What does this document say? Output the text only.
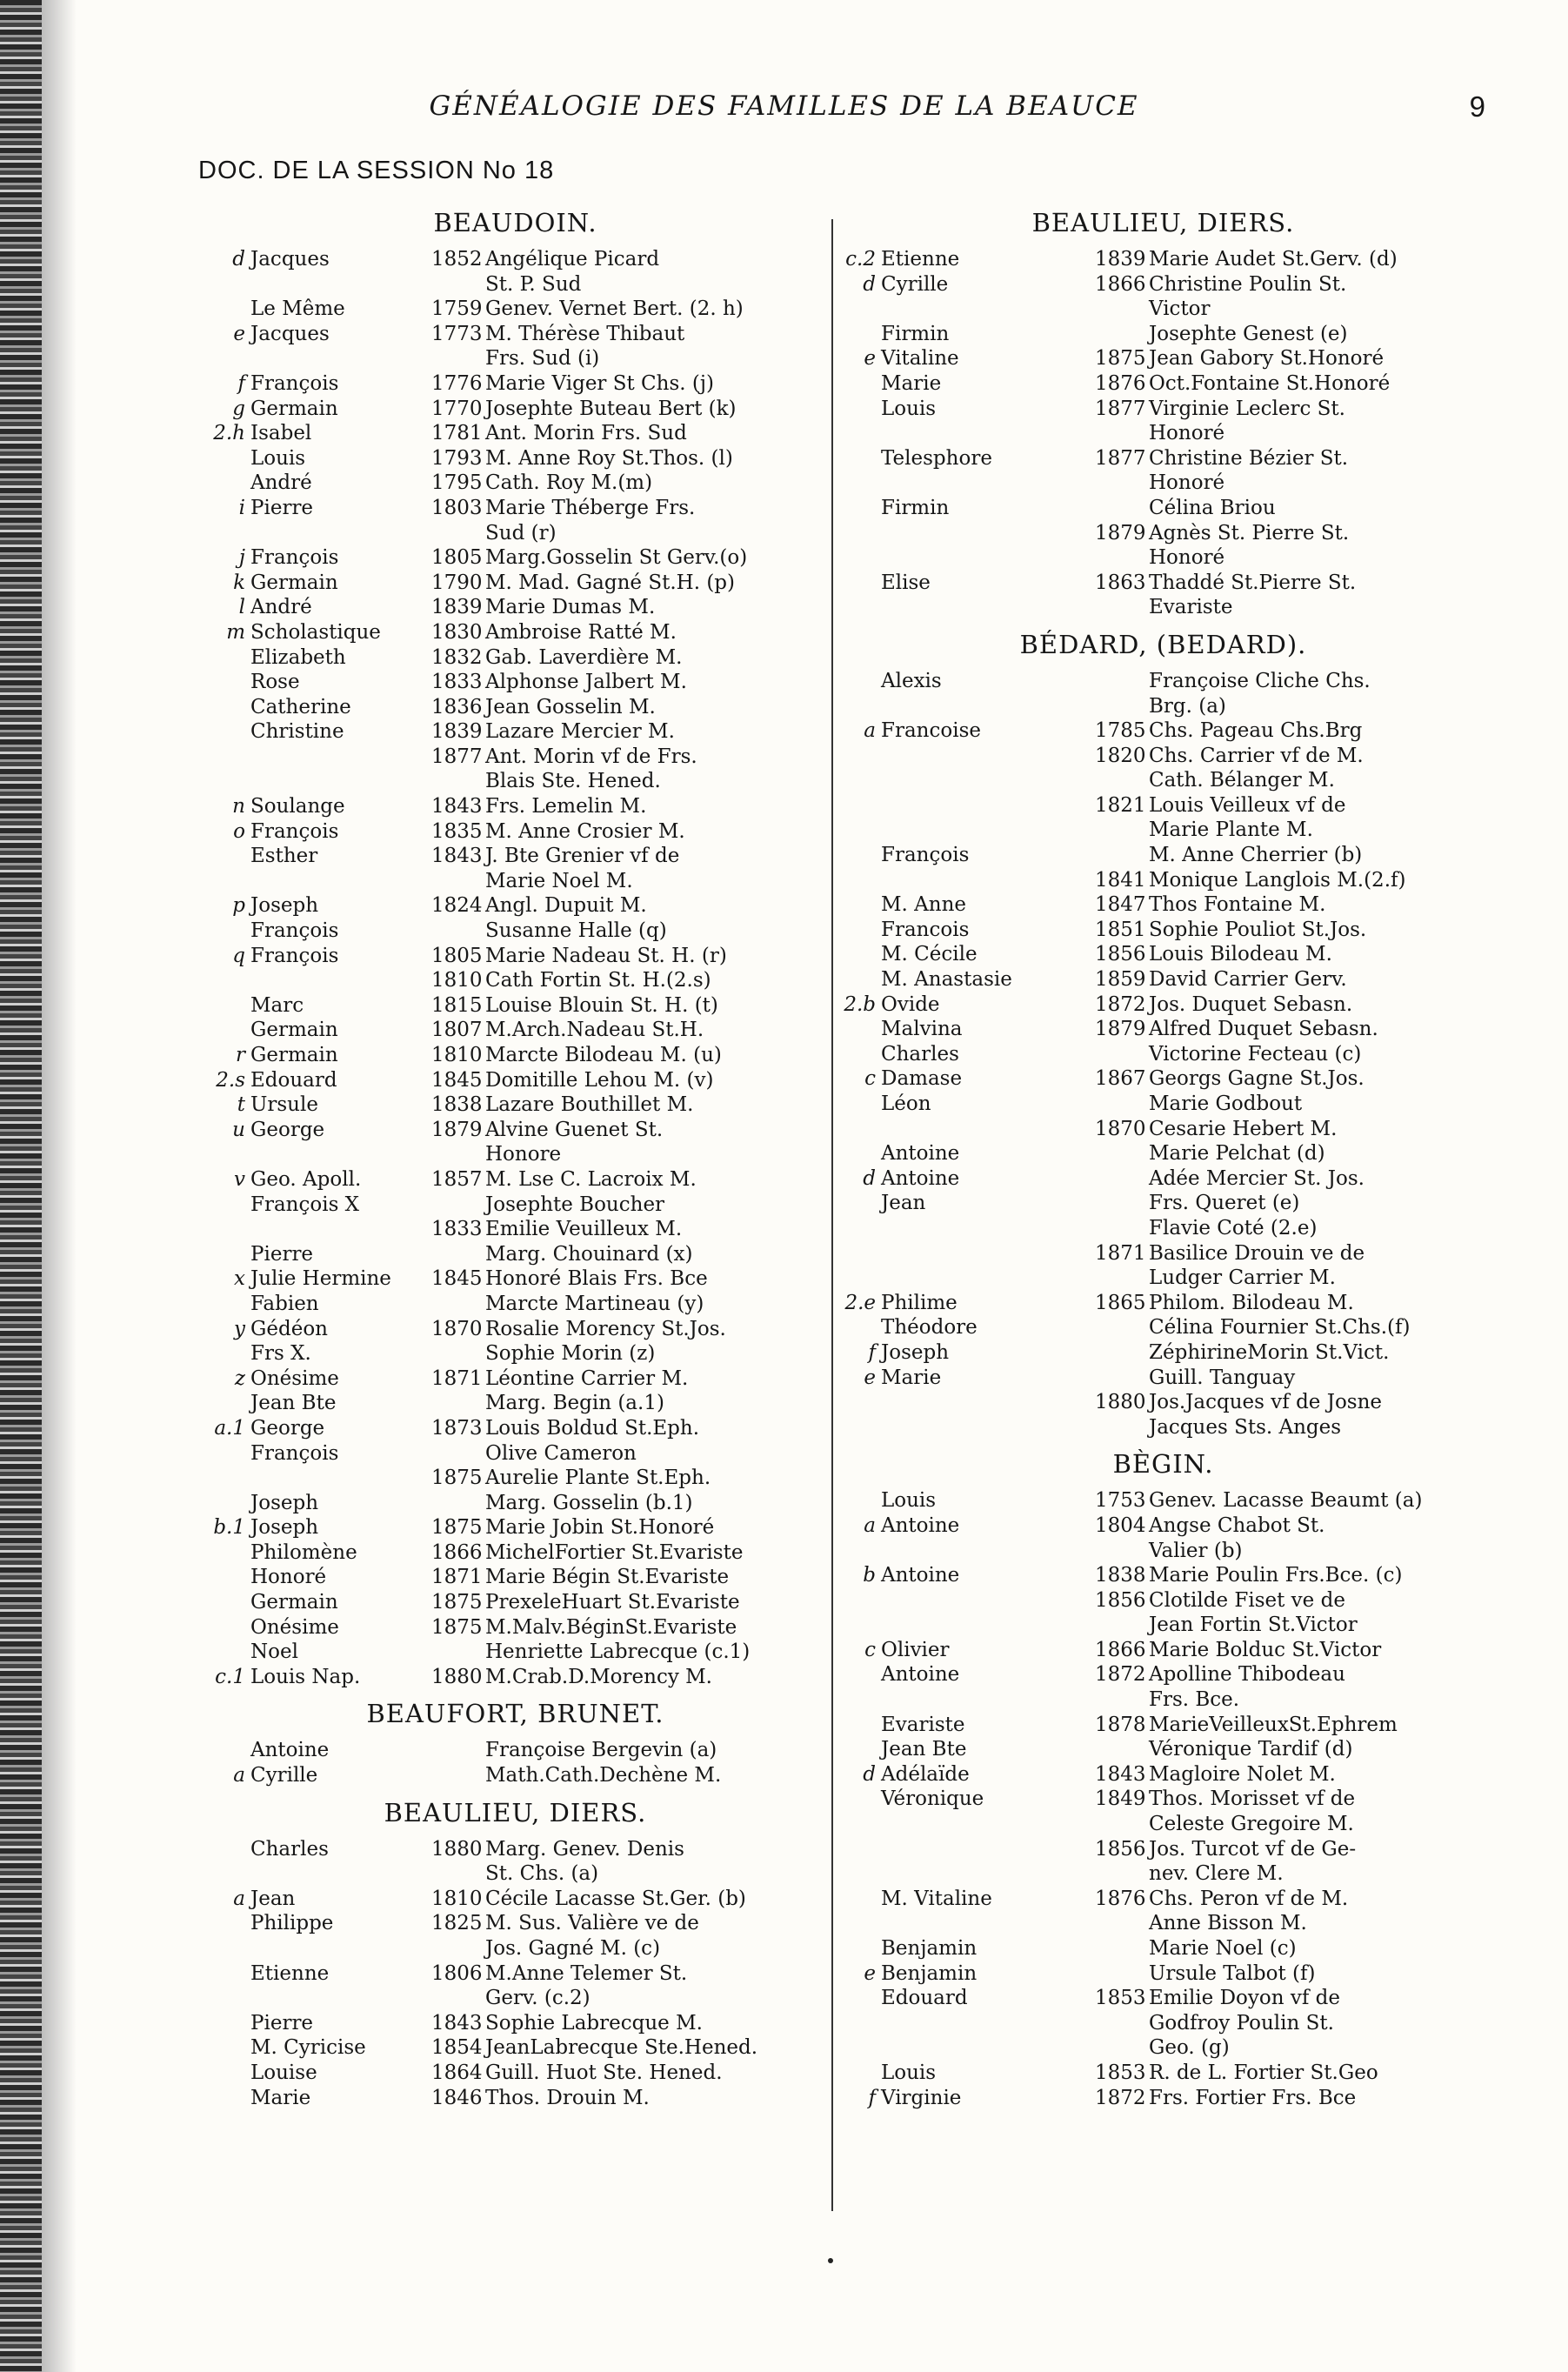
GÉNÉALOGIE DES FAMILLES DE LA BEAUCE	9
DOC. DE LA SESSION No 18
BEAUDOIN.
d Jacques	1852 Angélique Picard
St. P. Sud
Le Même	1759 Genev. Vernet Bert. (2. h)
e Jacques	1773 M. Thérèse Thibaut
Frs. Sud (i)
f François	1776 Marie Viger St Chs. (j)
g Germain	1770 Josephte Buteau Bert (k)
2.h Isabel	1781 Ant. Morin Frs. Sud
Louis	1793 M. Anne Roy St.Thos. (l)
André	1795 Cath. Roy M.(m)
i Pierre	1803 Marie Théberge Frs.
Sud (r)
j François	1805 Marg.Gosselin St Gerv.(o)
k Germain	1790 M. Mad. Gagné St.H. (p)
l André	1839 Marie Dumas M.
m Scholastique	1830 Ambroise Ratté M.
Elizabeth	1832 Gab. Laverdière M.
Rose	1833 Alphonse Jalbert M.
Catherine	1836 Jean Gosselin M.
Christine	1839 Lazare Mercier M.
1877 Ant. Morin vf de Frs.
Blais Ste. Hened.
n Soulange	1843 Frs. Lemelin M.
o François	1835 M. Anne Crosier M.
Esther	1843 J. Bte Grenier vf de
Marie Noel M.
p Joseph	1824 Angl. Dupuit M.
François	Susanne Halle (q)
q François	1805 Marie Nadeau St. H. (r)
1810 Cath Fortin St. H.(2.s)
Marc	1815 Louise Blouin St. H. (t)
Germain	1807 M.Arch.Nadeau St.H.
r Germain	1810 Marcte Bilodeau M. (u)
2.s Edouard	1845 Domitille Lehou M. (v)
t Ursule	1838 Lazare Bouthillet M.
u George	1879 Alvine Guenet St.
Honore
v Geo. Apoll.	1857 M. Lse C. Lacroix M.
François X	Josephte Boucher
1833 Emilie Veuilleux M.
Pierre	Marg. Chouinard (x)
x Julie Hermine	1845 Honoré Blais Frs. Bce
Fabien	Marcte Martineau (y)
y Gédéon	1870 Rosalie Morency St.Jos.
Frs X.	Sophie Morin (z)
z Onésime	1871 Léontine Carrier M.
Jean Bte	Marg. Begin (a.1)
a.1 George	1873 Louis Boldud St.Eph.
François	Olive Cameron
1875 Aurelie Plante St.Eph.
Joseph	Marg. Gosselin (b.1)
b.1 Joseph	1875 Marie Jobin St.Honoré
Philomène	1866 MichelFortier St.Evariste
Honoré	1871 Marie Bégin St.Evariste
Germain	1875 PrexeleHuart St.Evariste
Onésime	1875 M.Malv.BéginSt.Evariste
Noel	Henriette Labrecque (c.1)
c.1 Louis Nap.	1880 M.Crab.D.Morency M.
BEAUFORT, BRUNET.
Antoine	Françoise Bergevin (a)
a Cyrille	Math.Cath.Dechène M.
BEAULIEU, DIERS.
Charles	1880 Marg. Genev. Denis
St. Chs. (a)
a Jean	1810 Cécile Lacasse St.Ger. (b)
Philippe	1825 M. Sus. Valière ve de
Jos. Gagné M. (c)
Etienne	1806 M.Anne Telemer St.
Gerv. (c.2)
Pierre	1843 Sophie Labrecque M.
M. Cyricise	1854 JeanLabrecque Ste.Hened.
Louise	1864 Guill. Huot Ste. Hened.
Marie	1846 Thos. Drouin M.
BEAULIEU, DIERS.
c.2 Etienne	1839 Marie Audet St.Gerv. (d)
d Cyrille	1866 Christine Poulin St.
Victor
Firmin	Josephte Genest (e)
e Vitaline	1875 Jean Gabory St.Honoré
Marie	1876 Oct.Fontaine St.Honoré
Louis	1877 Virginie Leclerc St.
Honoré
Telesphore	1877 Christine Bézier St.
Honoré
Firmin	Célina Briou
1879 Agnès St. Pierre St.
Honoré
Elise	1863 Thaddé St.Pierre St.
Evariste
BÉDARD, (BEDARD).
Alexis	Françoise Cliche Chs.
Brg. (a)
a Francoise	1785 Chs. Pageau Chs.Brg
1820 Chs. Carrier vf de M.
Cath. Bélanger M.
1821 Louis Veilleux vf de
Marie Plante M.
François	M. Anne Cherrier (b)
1841 Monique Langlois M.(2.f)
M. Anne	1847 Thos Fontaine M.
Francois	1851 Sophie Pouliot St.Jos.
M. Cécile	1856 Louis Bilodeau M.
M. Anastasie	1859 David Carrier Gerv.
2.b Ovide	1872 Jos. Duquet Sebasn.
Malvina	1879 Alfred Duquet Sebasn.
Charles	Victorine Fecteau (c)
c Damase	1867 Georgs Gagne St.Jos.
Léon	Marie Godbout
1870 Cesarie Hebert M.
Antoine	Marie Pelchat (d)
d Antoine	Adée Mercier St. Jos.
Jean	Frs. Queret (e)
Flavie Coté (2.e)
1871 Basilice Drouin ve de
Ludger Carrier M.
2.e Philime	1865 Philom. Bilodeau M.
Théodore	Célina Fournier St.Chs.(f)
f Joseph	ZéphirineMorin St.Vict.
e Marie	Guill. Tanguay
1880 Jos.Jacques vf de Josne
Jacques Sts. Anges
BÈGIN.
Louis	1753 Genev. Lacasse Beaumt (a)
a Antoine	1804 Angse Chabot St.
Valier (b)
b Antoine	1838 Marie Poulin Frs.Bce. (c)
1856 Clotilde Fiset ve de
Jean Fortin St.Victor
c Olivier	1866 Marie Bolduc St.Victor
Antoine	1872 Apolline Thibodeau
Frs. Bce.
Evariste	1878 MarieVeilleuxSt.Ephrem
Jean Bte	Véronique Tardif (d)
d Adélaïde	1843 Magloire Nolet M.
Véronique	1849 Thos. Morisset vf de
Celeste Gregoire M.
1856 Jos. Turcot vf de Ge-
nev. Clere M.
M. Vitaline	1876 Chs. Peron vf de M.
Anne Bisson M.
Benjamin	Marie Noel (c)
e Benjamin	Ursule Talbot (f)
Edouard	1853 Emilie Doyon vf de
Godfroy Poulin St.
Geo. (g)
Louis	1853 R. de L. Fortier St.Geo
f Virginie	1872 Frs. Fortier Frs. Bce
